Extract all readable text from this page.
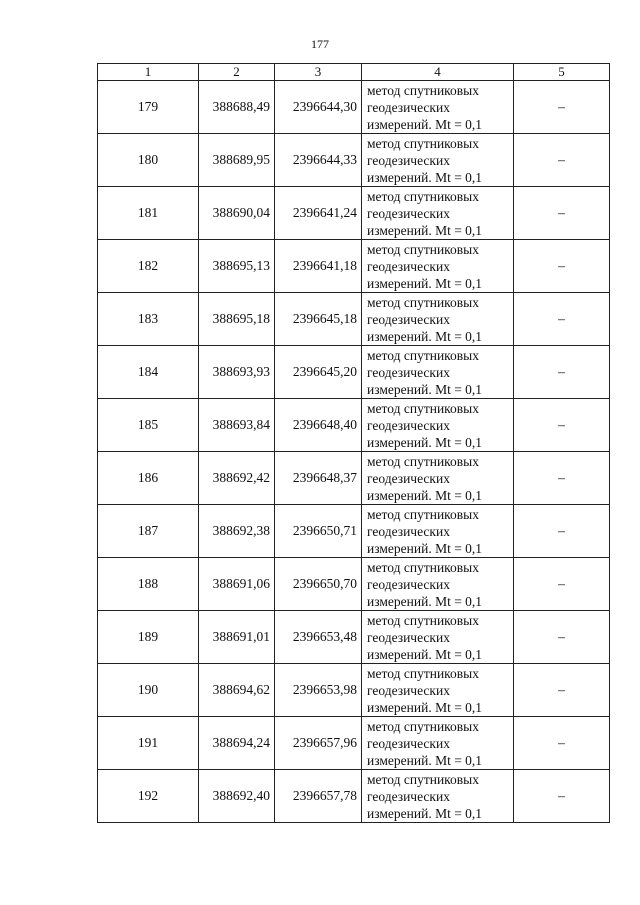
177
1	2	3	4	5
179	388688,49	2396644,30	метод спутниковых
геодезических
измерений. Mt = 0,1	–
180	388689,95	2396644,33	метод спутниковых
геодезических
измерений. Mt = 0,1	–
181	388690,04	2396641,24	метод спутниковых
геодезических
измерений. Mt = 0,1	–
182	388695,13	2396641,18	метод спутниковых
геодезических
измерений. Mt = 0,1	–
183	388695,18	2396645,18	метод спутниковых
геодезических
измерений. Mt = 0,1	–
184	388693,93	2396645,20	метод спутниковых
геодезических
измерений. Mt = 0,1	–
185	388693,84	2396648,40	метод спутниковых
геодезических
измерений. Mt = 0,1	–
186	388692,42	2396648,37	метод спутниковых
геодезических
измерений. Mt = 0,1	–
187	388692,38	2396650,71	метод спутниковых
геодезических
измерений. Mt = 0,1	–
188	388691,06	2396650,70	метод спутниковых
геодезических
измерений. Mt = 0,1	–
189	388691,01	2396653,48	метод спутниковых
геодезических
измерений. Mt = 0,1	–
190	388694,62	2396653,98	метод спутниковых
геодезических
измерений. Mt = 0,1	–
191	388694,24	2396657,96	метод спутниковых
геодезических
измерений. Mt = 0,1	–
192	388692,40	2396657,78	метод спутниковых
геодезических
измерений. Mt = 0,1	–
